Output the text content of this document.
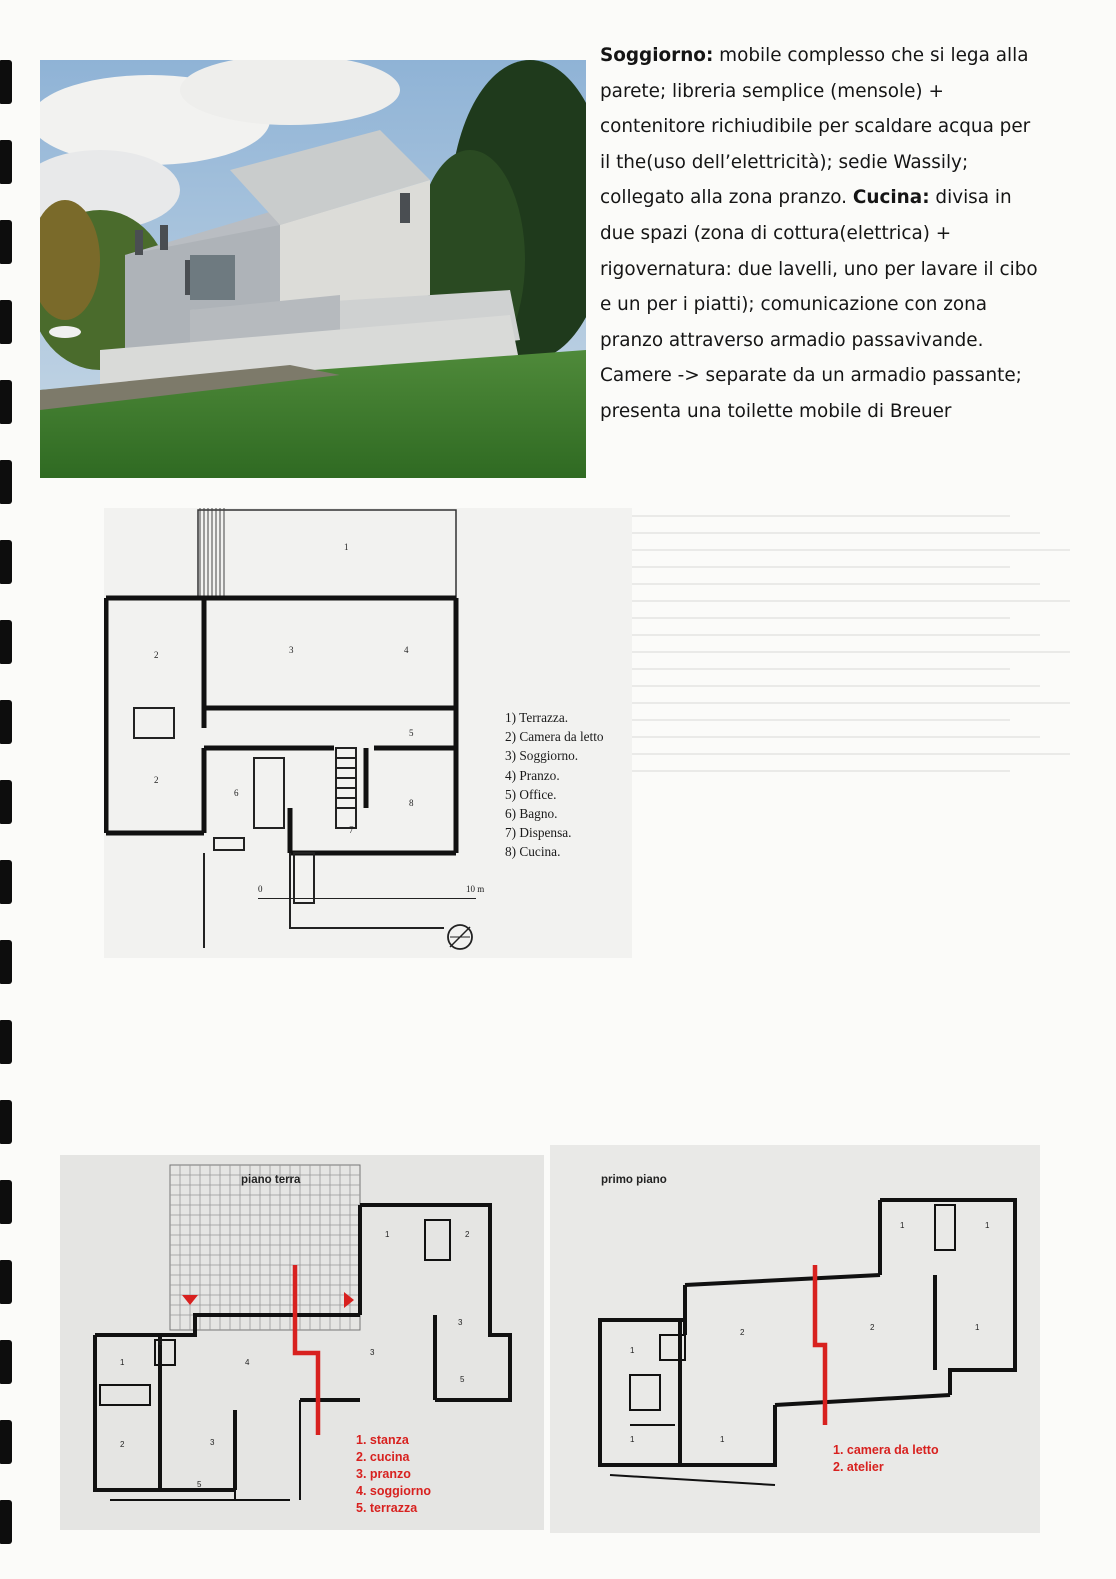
Soggiorno: mobile complesso che si lega alla parete; libreria semplice (mensole) + contenitore richiudibile per scaldare acqua per il the(uso dell’elettricità); sedie Wassily; collegato alla zona pranzo. Cucina: divisa in due spazi (zona di cottura(elettrica) + rigovernatura: due lavelli, uno per lavare il cibo e un per i piatti); comunicazione con zona pranzo attraverso armadio passavivande.

Camere -> separate da un armadio passante; presenta una toilette mobile di Breuer

1
2	3	4
5
6
7
8
2
1) Terrazza.
2) Camera da letto
3) Soggiorno.
4) Pranzo.
5) Office.
6) Bagno.
7) Dispensa.
8) Cucina.
0	10 m
1	2
3
3
4
5
1
2	3
5
6
piano terra
1. stanza
2. cucina
3. pranzo
4. soggiorno
5. terrazza
1	1
1
2
2
1
1	1
primo piano
1. camera da letto
2. atelier
